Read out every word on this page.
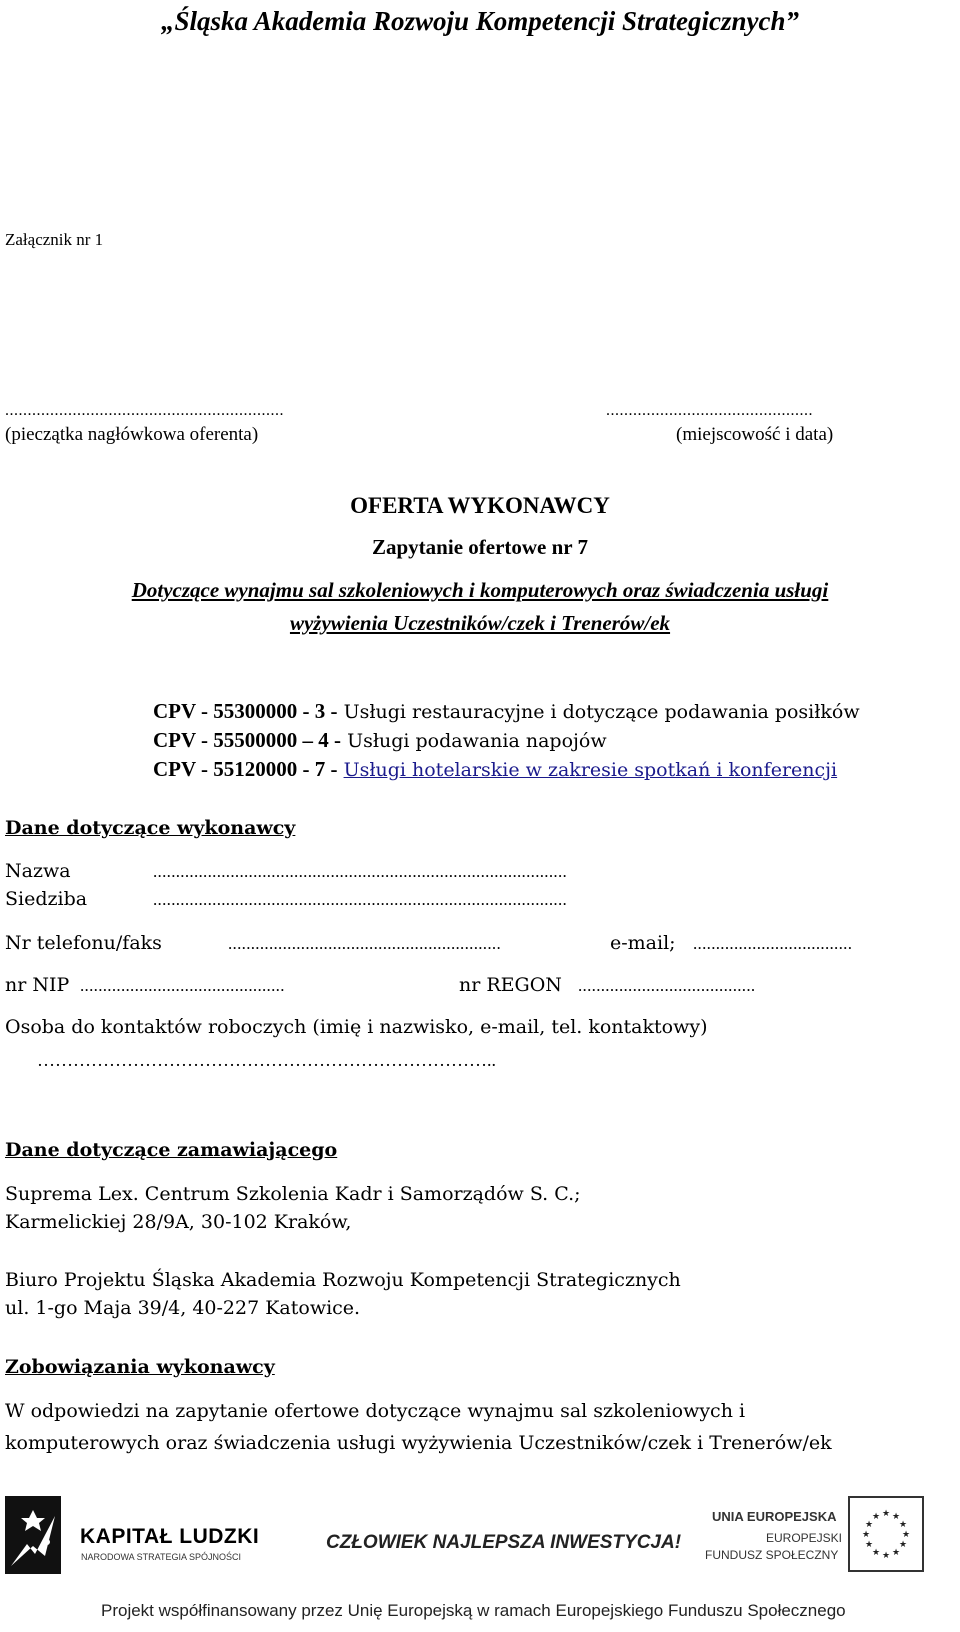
„Śląska Akademia Rozwoju Kompetencji Strategicznych”
Załącznik nr 1
..............................................................	..............................................
(pieczątka nagłówkowa oferenta)	(miejscowość i data)
OFERTA WYKONAWCY
Zapytanie ofertowe nr 7
Dotyczące wynajmu sal szkoleniowych i komputerowych oraz świadczenia usługi
wyżywienia Uczestników/czek i Trenerów/ek
CPV - 55300000 - 3 - Usługi restauracyjne i dotyczące podawania posiłków
CPV - 55500000 – 4 - Usługi podawania napojów
CPV - 55120000 - 7 - Usługi hotelarskie w zakresie spotkań i konferencji
Dane dotyczące wykonawcy
Nazwa	...........................................................................................
Siedziba	...........................................................................................
Nr telefonu/faks	............................................................	e-mail; ...................................
nr NIP .............................................	nr REGON .......................................
Osoba do kontaktów roboczych (imię i nazwisko, e-mail, tel. kontaktowy)
…………………………………………………………………..
Dane dotyczące zamawiającego
Suprema Lex. Centrum Szkolenia Kadr i Samorządów S. C.;
Karmelickiej 28/9A, 30-102 Kraków,
Biuro Projektu Śląska Akademia Rozwoju Kompetencji Strategicznych
ul. 1-go Maja 39/4, 40-227 Katowice.
Zobowiązania wykonawcy
W odpowiedzi na zapytanie ofertowe dotyczące wynajmu sal szkoleniowych i
komputerowych oraz świadczenia usługi wyżywienia Uczestników/czek i Trenerów/ek
KAPITAŁ LUDZKI
NARODOWA STRATEGIA SPÓJNOŚCI
CZŁOWIEK NAJLEPSZA INWESTYCJA!
UNIA EUROPEJSKA
EUROPEJSKI
FUNDUSZ SPOŁECZNY
★ ★
★
★
★
★
★
★
★
★
★
★
Projekt współfinansowany przez Unię Europejską w ramach Europejskiego Funduszu Społecznego
